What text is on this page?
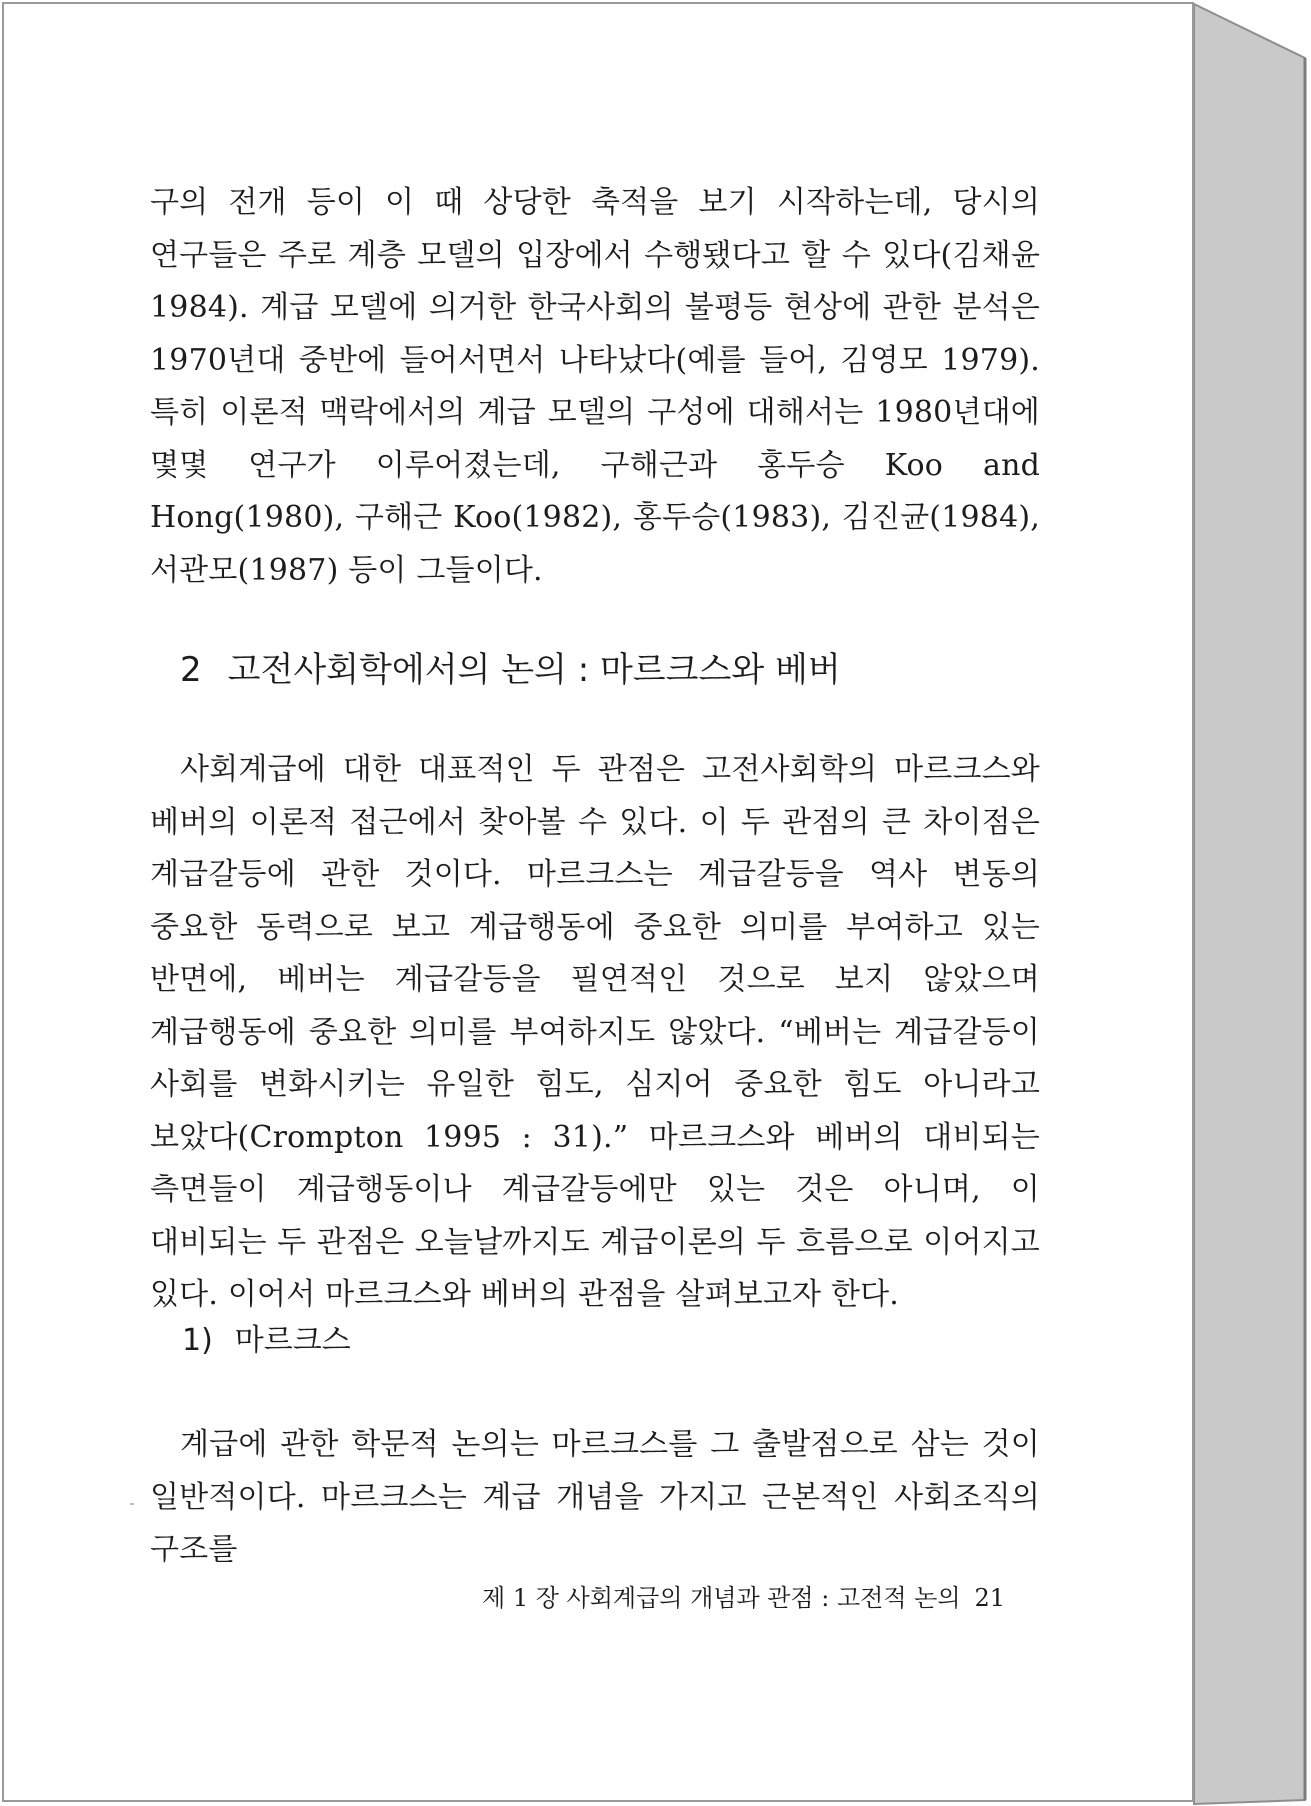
구의 전개 등이 이 때 상당한 축적을 보기 시작하는데, 당시의 연구들은 주로 계층 모델의 입장에서 수행됐다고 할 수 있다(김채윤 1984). 계급 모델에 의거한 한국사회의 불평등 현상에 관한 분석은 1970년대 중반에 들어서면서 나타났다(예를 들어, 김영모 1979). 특히 이론적 맥락에서의 계급 모델의 구성에 대해서는 1980년대에 몇몇 연구가 이루어졌는데, 구해근과 홍두승 Koo and Hong(1980), 구해근 Koo(1982), 홍두승(1983), 김진균(1984), 서관모(1987) 등이 그들이다.

2 고전사회학에서의 논의 : 마르크스와 베버

사회계급에 대한 대표적인 두 관점은 고전사회학의 마르크스와 베버의 이론적 접근에서 찾아볼 수 있다. 이 두 관점의 큰 차이점은 계급갈등에 관한 것이다. 마르크스는 계급갈등을 역사 변동의 중요한 동력으로 보고 계급행동에 중요한 의미를 부여하고 있는 반면에, 베버는 계급갈등을 필연적인 것으로 보지 않았으며 계급행동에 중요한 의미를 부여하지도 않았다. “베버는 계급갈등이 사회를 변화시키는 유일한 힘도, 심지어 중요한 힘도 아니라고 보았다(Crompton 1995 : 31).” 마르크스와 베버의 대비되는 측면들이 계급행동이나 계급갈등에만 있는 것은 아니며, 이 대비되는 두 관점은 오늘날까지도 계급이론의 두 흐름으로 이어지고 있다. 이어서 마르크스와 베버의 관점을 살펴보고자 한다.

1) 마르크스

계급에 관한 학문적 논의는 마르크스를 그 출발점으로 삼는 것이 일반적이다. 마르크스는 계급 개념을 가지고 근본적인 사회조직의 구조를

제 1 장 사회계급의 개념과 관점 : 고전적 논의 21
